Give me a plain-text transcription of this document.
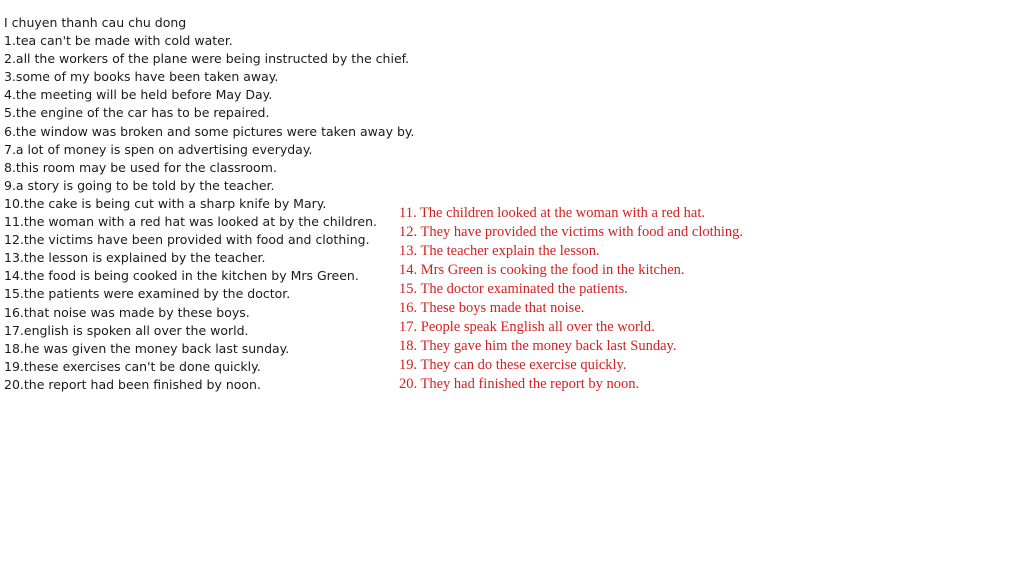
I chuyen thanh cau chu dong
1.tea can't be made with cold water.
2.all the workers of the plane were being instructed by the chief.
3.some of my books have been taken away.
4.the meeting will be held before May Day.
5.the engine of the car has to be repaired.
6.the window was broken and some pictures were taken away by.
7.a lot of money is spen on advertising everyday.
8.this room may be used for the classroom.
9.a story is going to be told by the teacher.
10.the cake is being cut with a sharp knife by Mary.
11.the woman with a red hat was looked at by the children.
12.the victims have been provided with food and clothing.
13.the lesson is explained by the teacher.
14.the food is being cooked in the kitchen by Mrs Green.
15.the patients were examined by the doctor.
16.that noise was made by these boys.
17.english is spoken all over the world.
18.he was given the money back last sunday.
19.these exercises can't be done quickly.
20.the report had been finished by noon.
11. The children looked at the woman with a red hat.
12. They have provided the victims with food and clothing.
13. The teacher explain the lesson.
14. Mrs Green is cooking the food in the kitchen.
15. The doctor examinated the patients.
16. These boys made that noise.
17. People speak English all over the world.
18. They gave him the money back last Sunday.
19. They can do these exercise quickly.
20. They had finished the report by noon.
